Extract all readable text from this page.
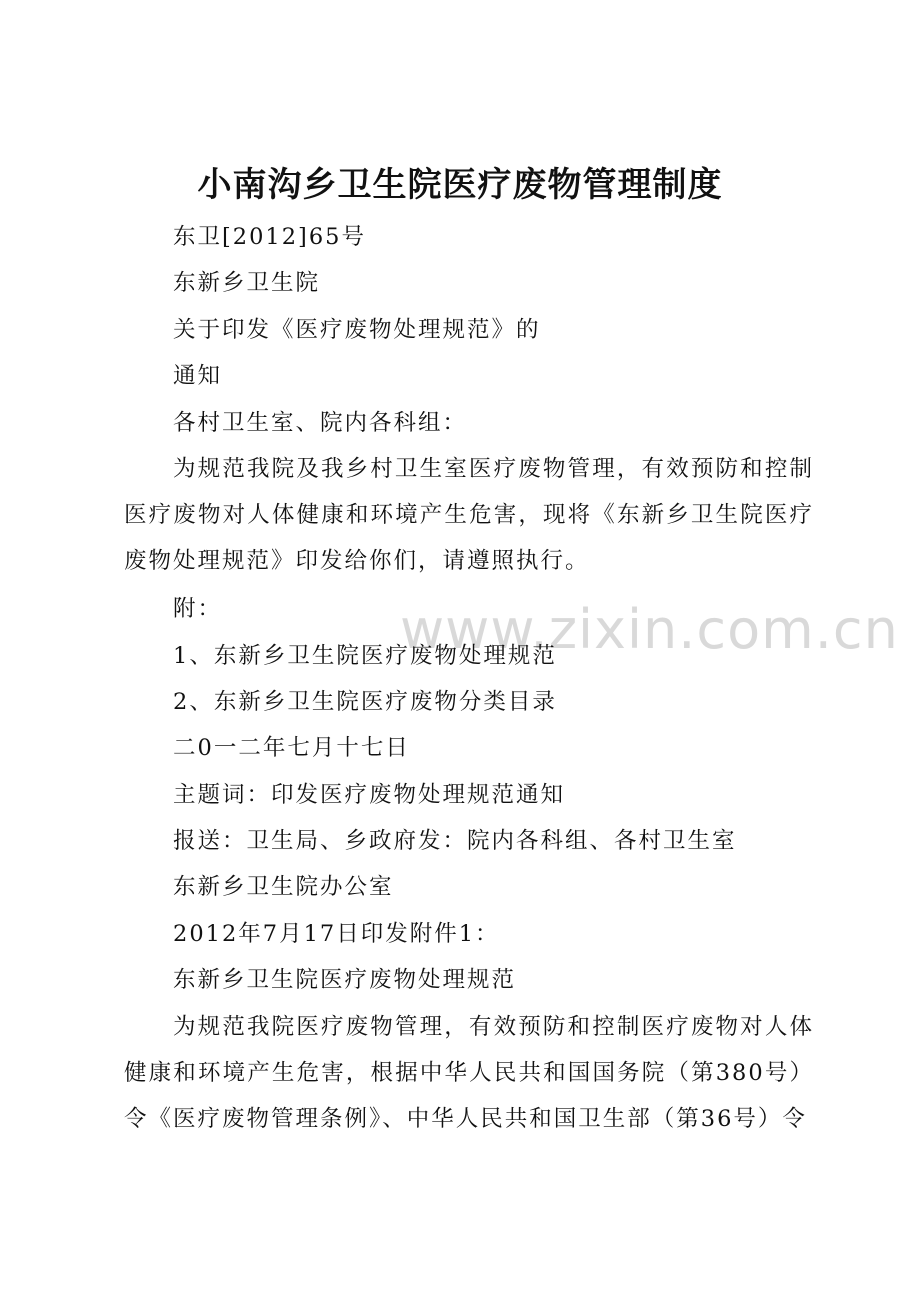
www.zixin.com.cn
小南沟乡卫生院医疗废物管理制度
东卫[2012]65号
东新乡卫生院
关于印发《医疗废物处理规范》的
通知
各村卫生室、院内各科组：
为规范我院及我乡村卫生室医疗废物管理，有效预防和控制医疗废物对人体健康和环境产生危害，现将《东新乡卫生院医疗废物处理规范》印发给你们，请遵照执行。
附：
1、东新乡卫生院医疗废物处理规范
2、东新乡卫生院医疗废物分类目录
二0一二年七月十七日
主题词：印发医疗废物处理规范通知
报送：卫生局、乡政府发：院内各科组、各村卫生室
东新乡卫生院办公室
2012年7月17日印发附件1：
东新乡卫生院医疗废物处理规范
为规范我院医疗废物管理，有效预防和控制医疗废物对人体健康和环境产生危害，根据中华人民共和国国务院（第380号）令《医疗废物管理条例》、中华人民共和国卫生部（第36号）令
